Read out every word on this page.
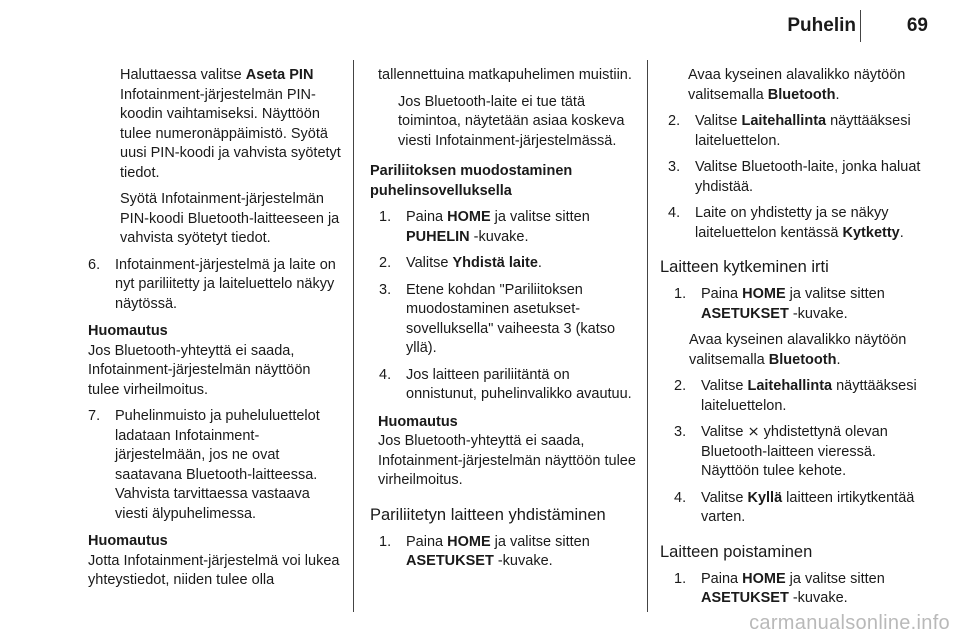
Puhelin	69

Haluttaessa valitse Aseta PIN Infotainment-järjestelmän PIN-koodin vaihtamiseksi. Näyttöön tulee numeronäppäimistö. Syötä uusi PIN-koodi ja vahvista syötetyt tiedot.

Syötä Infotainment-järjestelmän PIN-koodi Bluetooth-laitteeseen ja vahvista syötetyt tiedot.

6. Infotainment-järjestelmä ja laite on nyt pariliitetty ja laiteluettelo näkyy näytössä.

Huomautus

Jos Bluetooth-yhteyttä ei saada, Infotainment-järjestelmän näyttöön tulee virheilmoitus.

7. Puhelinmuisto ja puheluluettelot ladataan Infotainment-järjestelmään, jos ne ovat saatavana Bluetooth-laitteessa. Vahvista tarvittaessa vastaava viesti älypuhelimessa.

Huomautus

Jotta Infotainment-järjestelmä voi lukea yhteystiedot, niiden tulee olla

tallennettuina matkapuhelimen muistiin.

Jos Bluetooth-laite ei tue tätä toimintoa, näytetään asiaa koskeva viesti Infotainment-järjestelmässä.

Pariliitoksen muodostaminen puhelinsovelluksella

1. Paina HOME ja valitse sitten PUHELIN -kuvake.
2. Valitse Yhdistä laite.
3. Etene kohdan "Pariliitoksen muodostaminen asetukset-sovelluksella" vaiheesta 3 (katso yllä).
4. Jos laitteen pariliitäntä on onnistunut, puhelinvalikko avautuu.

Huomautus

Jos Bluetooth-yhteyttä ei saada, Infotainment-järjestelmän näyttöön tulee virheilmoitus.

Pariliitetyn laitteen yhdistäminen

1. Paina HOME ja valitse sitten ASETUKSET -kuvake.

Avaa kyseinen alavalikko näytöön valitsemalla Bluetooth.

2. Valitse Laitehallinta näyttääksesi laiteluettelon.
3. Valitse Bluetooth-laite, jonka haluat yhdistää.
4. Laite on yhdistetty ja se näkyy laiteluettelon kentässä Kytketty.

Laitteen kytkeminen irti

1. Paina HOME ja valitse sitten ASETUKSET -kuvake.

Avaa kyseinen alavalikko näytöön valitsemalla Bluetooth.

2. Valitse Laitehallinta näyttääksesi laiteluettelon.
3. Valitse ⨯ yhdistettynä olevan Bluetooth-laitteen vieressä. Näyttöön tulee kehote.
4. Valitse Kyllä laitteen irtikytkentää varten.

Laitteen poistaminen

1. Paina HOME ja valitse sitten ASETUKSET -kuvake.
carmanualsonline.info
